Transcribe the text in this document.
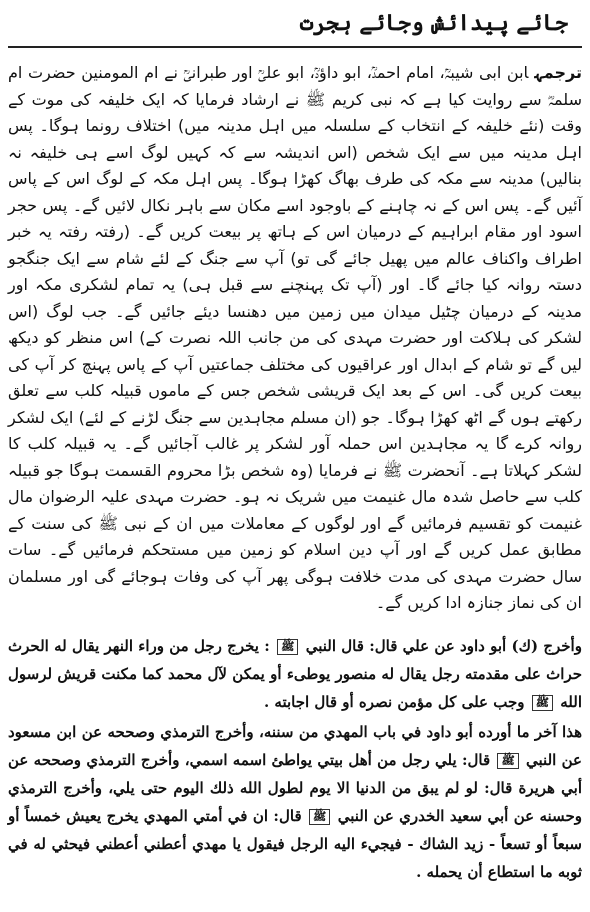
جائے پیدائش وجائے ہجرت

ترجمہابن ابی شیبہؒ، امام احمدؒ، ابو داؤدؒ، ابو علیؒ اور طبرانیؒ نے ام المومنین حضرت ام سلمہؓ سے روایت کیا ہے کہ نبی کریم ﷺ نے ارشاد فرمایا کہ ایک خلیفہ کی موت کے وقت (نئے خلیفہ کے انتخاب کے سلسلہ میں اہل مدینہ میں) اختلاف رونما ہوگا۔ پس اہل مدینہ میں سے ایک شخص (اس اندیشہ سے کہ کہیں لوگ اسے ہی خلیفہ نہ بنالیں) مدینہ سے مکہ کی طرف بھاگ کھڑا ہوگا۔ پس اہل مکہ کے لوگ اس کے پاس آئیں گے۔ پس اس کے نہ چاہنے کے باوجود اسے مکان سے باہر نکال لائیں گے۔ پس حجر اسود اور مقام ابراہیم کے درمیان اس کے ہاتھ پر بیعت کریں گے۔ (رفتہ رفتہ یہ خبر اطراف واکناف عالم میں پھیل جائے گی تو) آپ سے جنگ کے لئے شام سے ایک جنگجو دستہ روانہ کیا جائے گا۔ اور (آپ تک پہنچنے سے قبل ہی) یہ تمام لشکری مکہ اور مدینہ کے درمیان چٹیل میدان میں زمین میں دھنسا دیئے جائیں گے۔ جب لوگ (اس لشکر کی ہلاکت اور حضرت مہدی کی من جانب اللہ نصرت کے) اس منظر کو دیکھ لیں گے تو شام کے ابدال اور عراقیوں کی مختلف جماعتیں آپ کے پاس پہنچ کر آپ کی بیعت کریں گی۔ اس کے بعد ایک قریشی شخص جس کے ماموں قبیلہ کلب سے تعلق رکھتے ہوں گے اٹھ کھڑا ہوگا۔ جو (ان مسلم مجاہدین سے جنگ لڑنے کے لئے) ایک لشکر روانہ کرے گا یہ مجاہدین اس حملہ آور لشکر پر غالب آجائیں گے۔ یہ قبیلہ کلب کا لشکر کہلاتا ہے۔ آنحضرت ﷺ نے فرمایا (وہ شخص بڑا محروم القسمت ہوگا جو قبیلہ کلب سے حاصل شدہ مال غنیمت میں شریک نہ ہو۔ حضرت مہدی علیہ الرضوان مال غنیمت کو تقسیم فرمائیں گے اور لوگوں کے معاملات میں ان کے نبی ﷺ کی سنت کے مطابق عمل کریں گے اور آپ دین اسلام کو زمین میں مستحکم فرمائیں گے۔ سات سال حضرت مہدی کی مدت خلافت ہوگی پھر آپ کی وفات ہوجائے گی اور مسلمان ان کی نماز جنازہ ادا کریں گے۔

وأخرج (ك) أبو داود عن علي قال: قال النبي ﷺ : يخرج رجل من وراء النهر يقال له الحرث حراث على مقدمته رجل يقال له منصور يوطىء أو يمكن لآل محمد كما مكنت قريش لرسول الله ﷺ وجب على كل مؤمن نصره أو قال اجابته .

هذا آخر ما أورده أبو داود في باب المهدي من سننه، وأخرج الترمذي وصححه عن ابن مسعود عن النبي ﷺ قال: يلي رجل من أهل بيتي يواطئ اسمه اسمي، وأخرج الترمذي وصححه عن أبي هريرة قال: لو لم يبق من الدنيا الا يوم لطول الله ذلك اليوم حتى يلي، وأخرج الترمذي وحسنه عن أبي سعيد الخدري عن النبي ﷺ قال: ان في أمتي المهدي يخرج يعيش خمساً أو سبعاً أو تسعاً - زيد الشاك - فيجيء اليه الرجل فيقول يا مهدي أعطني أعطني فيحثي له في ثوبه ما استطاع أن يحمله .
